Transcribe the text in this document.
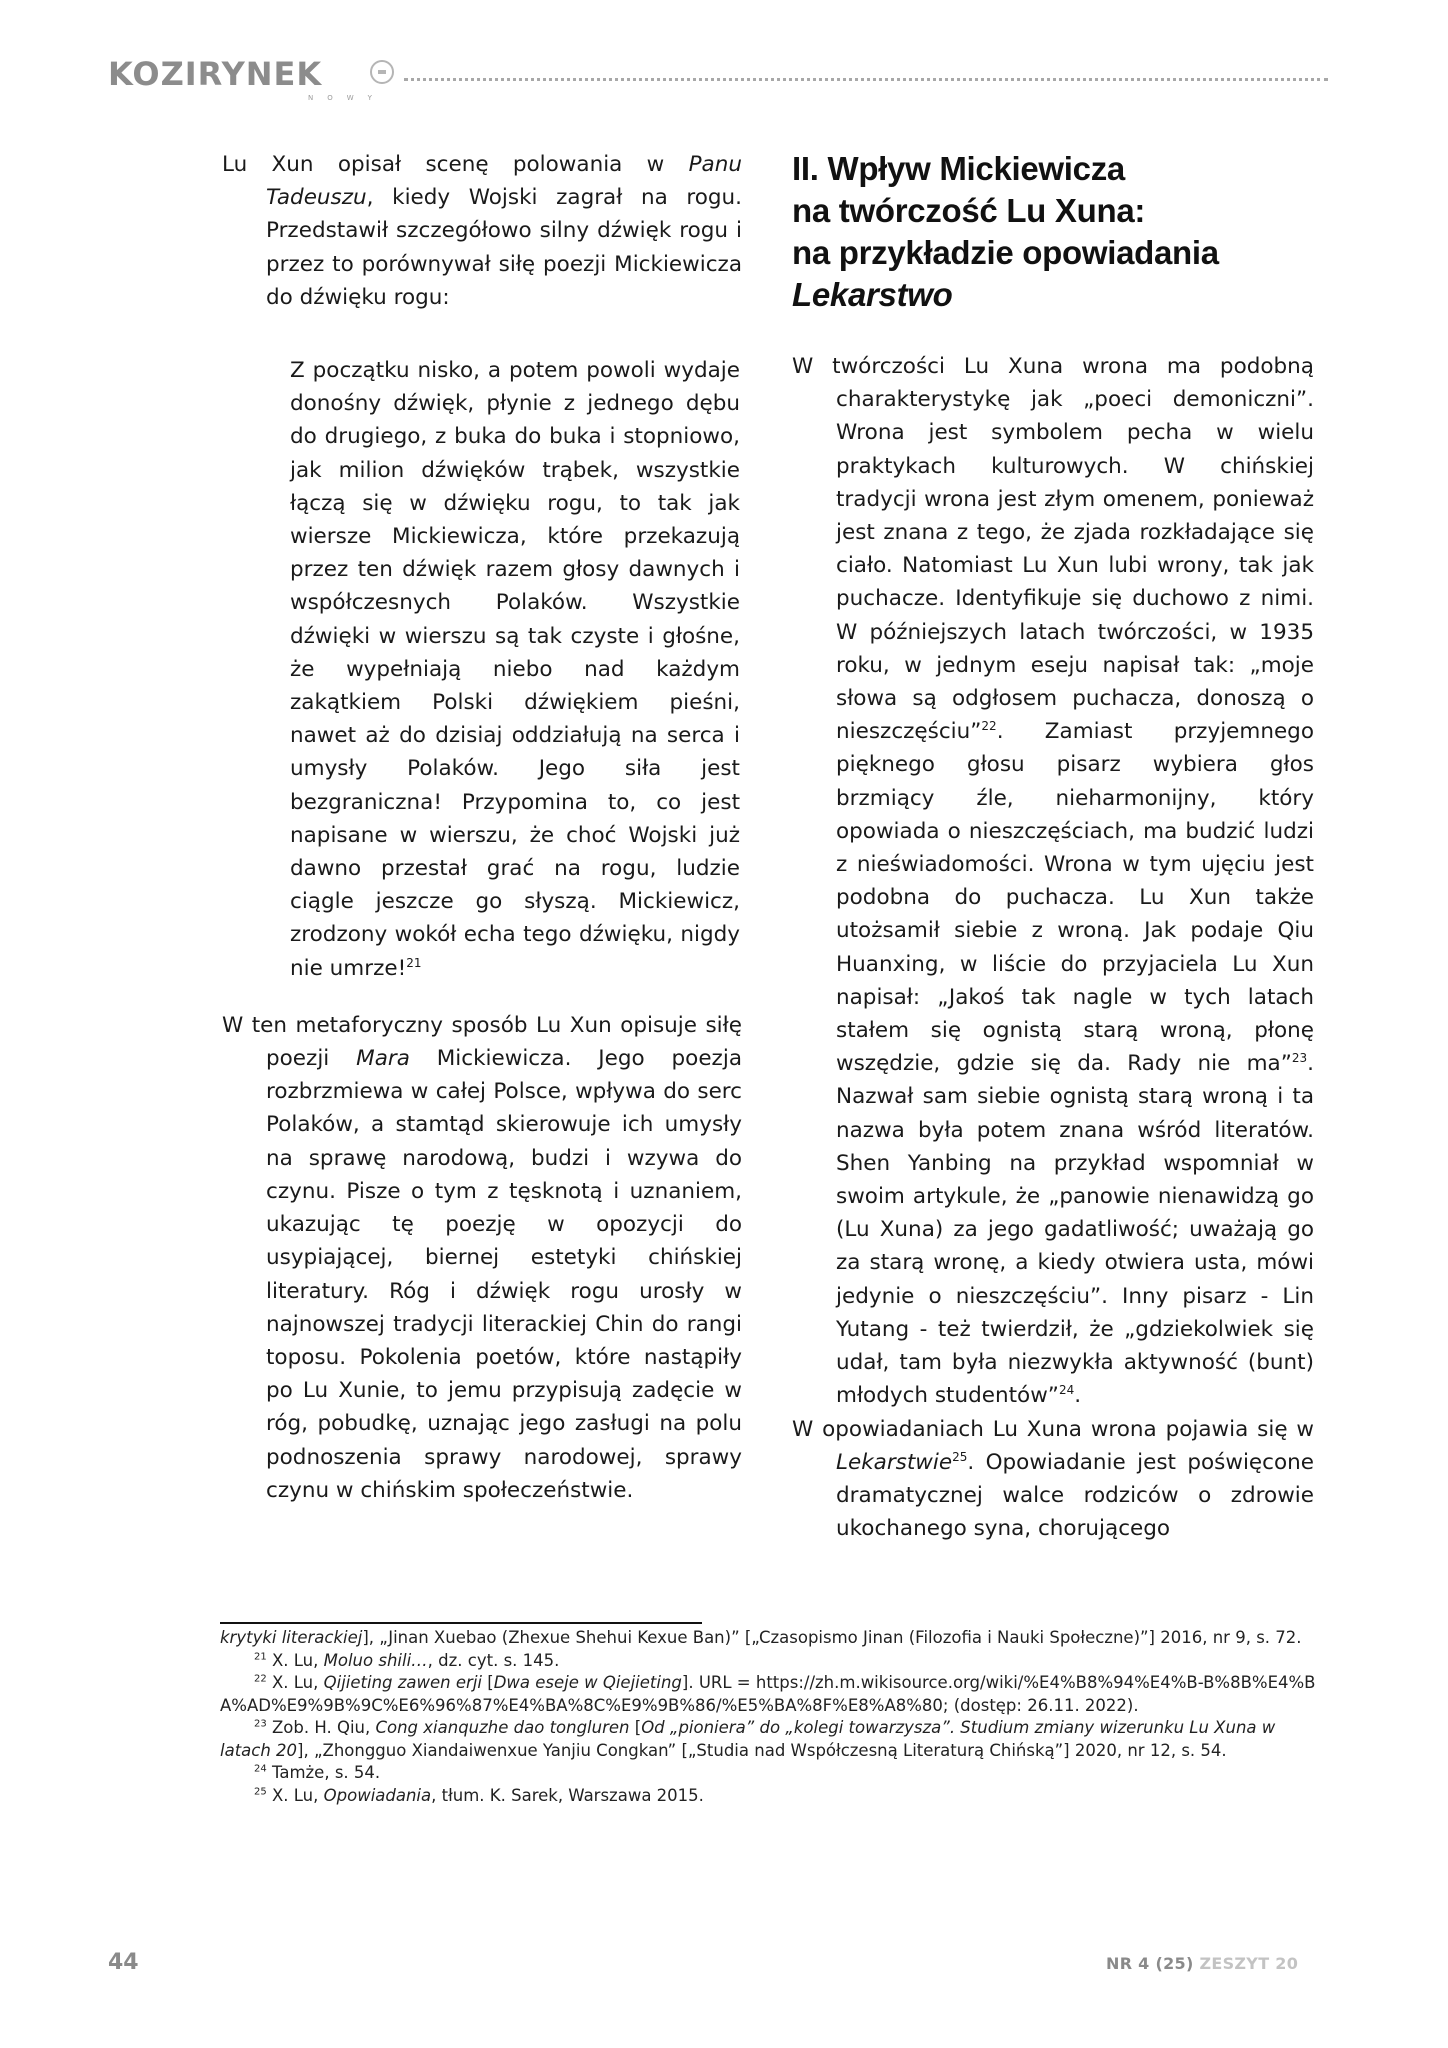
KOZIRYNEK
NOWY

Lu Xun opisał scenę polowania w Panu Tadeuszu, kiedy Wojski zagrał na rogu. Przedstawił szczegółowo silny dźwięk rogu i przez to porównywał siłę poezji Mickiewicza do dźwięku rogu:

Z początku nisko, a potem powoli wydaje donośny dźwięk, płynie z jednego dębu do drugiego, z buka do buka i stopniowo, jak milion dźwięków trąbek, wszystkie łączą się w dźwięku rogu, to tak jak wiersze Mickiewicza, które przekazują przez ten dźwięk razem głosy dawnych i współczesnych Polaków. Wszystkie dźwięki w wierszu są tak czyste i głośne, że wypełniają niebo nad każdym zakątkiem Polski dźwiękiem pieśni, nawet aż do dzisiaj oddziałują na serca i umysły Polaków. Jego siła jest bezgraniczna! Przypomina to, co jest napisane w wierszu, że choć Wojski już dawno przestał grać na rogu, ludzie ciągle jeszcze go słyszą. Mickiewicz, zrodzony wokół echa tego dźwięku, nigdy nie umrze!$^{21}$

W ten metaforyczny sposób Lu Xun opisuje siłę poezji Mara Mickiewicza. Jego poezja rozbrzmiewa w całej Polsce, wpływa do serc Polaków, a stamtąd skierowuje ich umysły na sprawę narodową, budzi i wzywa do czynu. Pisze o tym z tęsknotą i uznaniem, ukazując tę poezję w opozycji do usypiającej, biernej estetyki chińskiej literatury. Róg i dźwięk rogu urosły w najnowszej tradycji literackiej Chin do rangi toposu. Pokolenia poetów, które nastąpiły po Lu Xunie, to jemu przypisują zadęcie w róg, pobudkę, uznając jego zasługi na polu podnoszenia sprawy narodowej, sprawy czynu w chińskim społeczeństwie.

II. Wpływ Mickiewicza
na twórczość Lu Xuna:
na przykładzie opowiadania
Lekarstwo

W twórczości Lu Xuna wrona ma podobną charakterystykę jak „poeci demoniczni”. Wrona jest symbolem pecha w wielu praktykach kulturowych. W chińskiej tradycji wrona jest złym omenem, ponieważ jest znana z tego, że zjada rozkładające się ciało. Natomiast Lu Xun lubi wrony, tak jak puchacze. Identyfikuje się duchowo z nimi. W późniejszych latach twórczości, w 1935 roku, w jednym eseju napisał tak: „moje słowa są odgłosem puchacza, donoszą o nieszczęściu”$^{22}$. Zamiast przyjemnego pięknego głosu pisarz wybiera głos brzmiący źle, nieharmonijny, który opowiada o nieszczęściach, ma budzić ludzi z nieświadomości. Wrona w tym ujęciu jest podobna do puchacza. Lu Xun także utożsamił siebie z wroną. Jak podaje Qiu Huanxing, w liście do przyjaciela Lu Xun napisał: „Jakoś tak nagle w tych latach stałem się ognistą starą wroną, płonę wszędzie, gdzie się da. Rady nie ma”$^{23}$. Nazwał sam siebie ognistą starą wroną i ta nazwa była potem znana wśród literatów. Shen Yanbing na przykład wspomniał w swoim artykule, że „panowie nienawidzą go (Lu Xuna) za jego gadatliwość; uważają go za starą wronę, a kiedy otwiera usta, mówi jedynie o nieszczęściu”. Inny pisarz - Lin Yutang - też twierdził, że „gdziekolwiek się udał, tam była niezwykła aktywność (bunt) młodych studentów”$^{24}$.

W opowiadaniach Lu Xuna wrona pojawia się w Lekarstwie$^{25}$. Opowiadanie jest poświęcone dramatycznej walce rodziców o zdrowie ukochanego syna, chorującego

krytyki literackiej], „Jinan Xuebao (Zhexue Shehui Kexue Ban)” [„Czasopismo Jinan (Filozofia i Nauki Społeczne)”] 2016, nr 9, s. 72.

$^{21}$ X. Lu, Moluo shili…, dz. cyt. s. 145.

$^{22}$ X. Lu, Qijieting zawen erji [Dwa eseje w Qiejieting]. URL = https://zh.m.wikisource.org/wiki/%E4%B8%94%E4%B-B%8B%E4%BA%AD%E9%9B%9C%E6%96%87%E4%BA%8C%E9%9B%86/%E5%BA%8F%E8%A8%80; (dostęp: 26.11. 2022).

$^{23}$ Zob. H. Qiu, Cong xianquzhe dao tongluren [Od „pioniera” do „kolegi towarzysza”. Studium zmiany wizerunku Lu Xuna w latach 20], „Zhongguo Xiandaiwenxue Yanjiu Congkan” [„Studia nad Współczesną Literaturą Chińską”] 2020, nr 12, s. 54.

$^{24}$ Tamże, s. 54.

$^{25}$ X. Lu, Opowiadania, tłum. K. Sarek, Warszawa 2015.

44	NR 4 (25) ZESZYT 20
